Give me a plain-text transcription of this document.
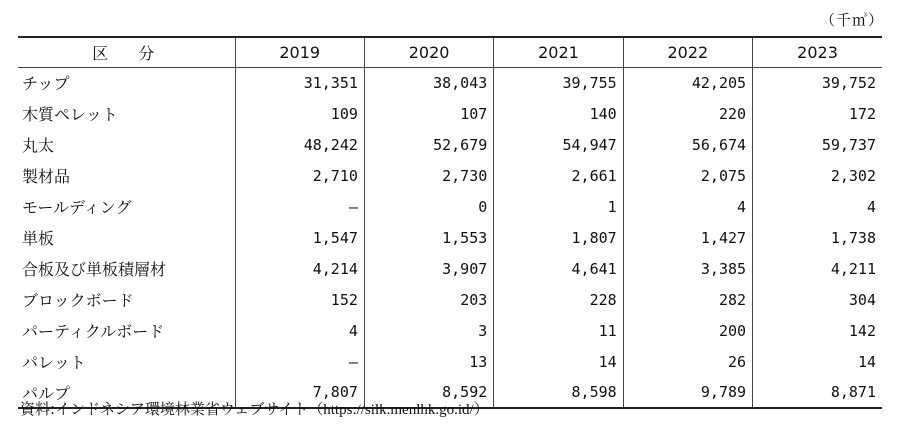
（千㎥）
区分	2019	2020	2021	2022	2023
チップ	31,351	38,043	39,755	42,205	39,752
木質ペレット	109	107	140	220	172
丸太	48,242	52,679	54,947	56,674	59,737
製材品	2,710	2,730	2,661	2,075	2,302
モールディング	—	0	1	4	4
単板	1,547	1,553	1,807	1,427	1,738
合板及び単板積層材	4,214	3,907	4,641	3,385	4,211
ブロックボード	152	203	228	282	304
パーティクルボード	4	3	11	200	142
パレット	—	13	14	26	14
パルプ	7,807	8,592	8,598	9,789	8,871
資料:インドネシア環境林業省ウェブサイト（https://silk.menlhk.go.id/）
